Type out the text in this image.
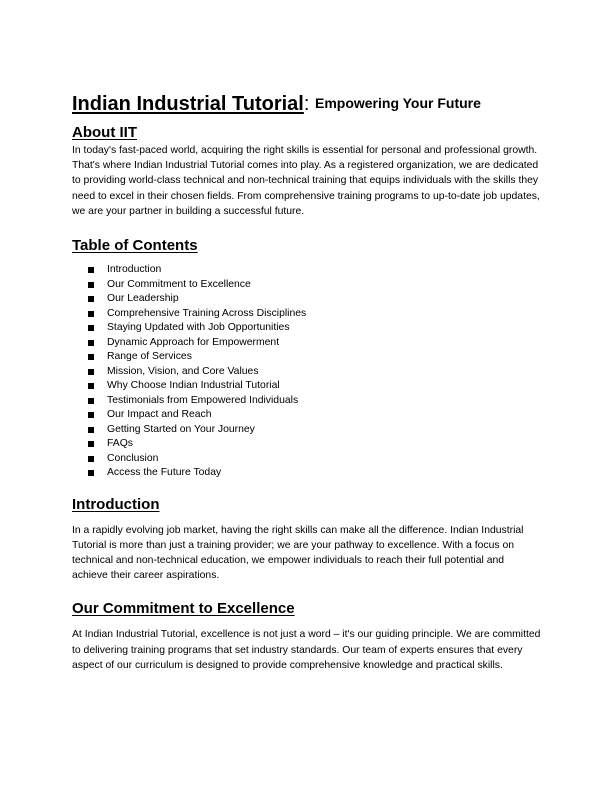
Indian Industrial Tutorial: Empowering Your Future
About IIT

In today's fast-paced world, acquiring the right skills is essential for personal and professional growth. That's where Indian Industrial Tutorial comes into play. As a registered organization, we are dedicated to providing world-class technical and non-technical training that equips individuals with the skills they need to excel in their chosen fields. From comprehensive training programs to up-to-date job updates, we are your partner in building a successful future.

Table of Contents
Introduction
Our Commitment to Excellence
Our Leadership
Comprehensive Training Across Disciplines
Staying Updated with Job Opportunities
Dynamic Approach for Empowerment
Range of Services
Mission, Vision, and Core Values
Why Choose Indian Industrial Tutorial
Testimonials from Empowered Individuals
Our Impact and Reach
Getting Started on Your Journey
FAQs
Conclusion
Access the Future Today
Introduction

In a rapidly evolving job market, having the right skills can make all the difference. Indian Industrial Tutorial is more than just a training provider; we are your pathway to excellence. With a focus on technical and non-technical education, we empower individuals to reach their full potential and achieve their career aspirations.

Our Commitment to Excellence

At Indian Industrial Tutorial, excellence is not just a word – it's our guiding principle. We are committed to delivering training programs that set industry standards. Our team of experts ensures that every aspect of our curriculum is designed to provide comprehensive knowledge and practical skills.
